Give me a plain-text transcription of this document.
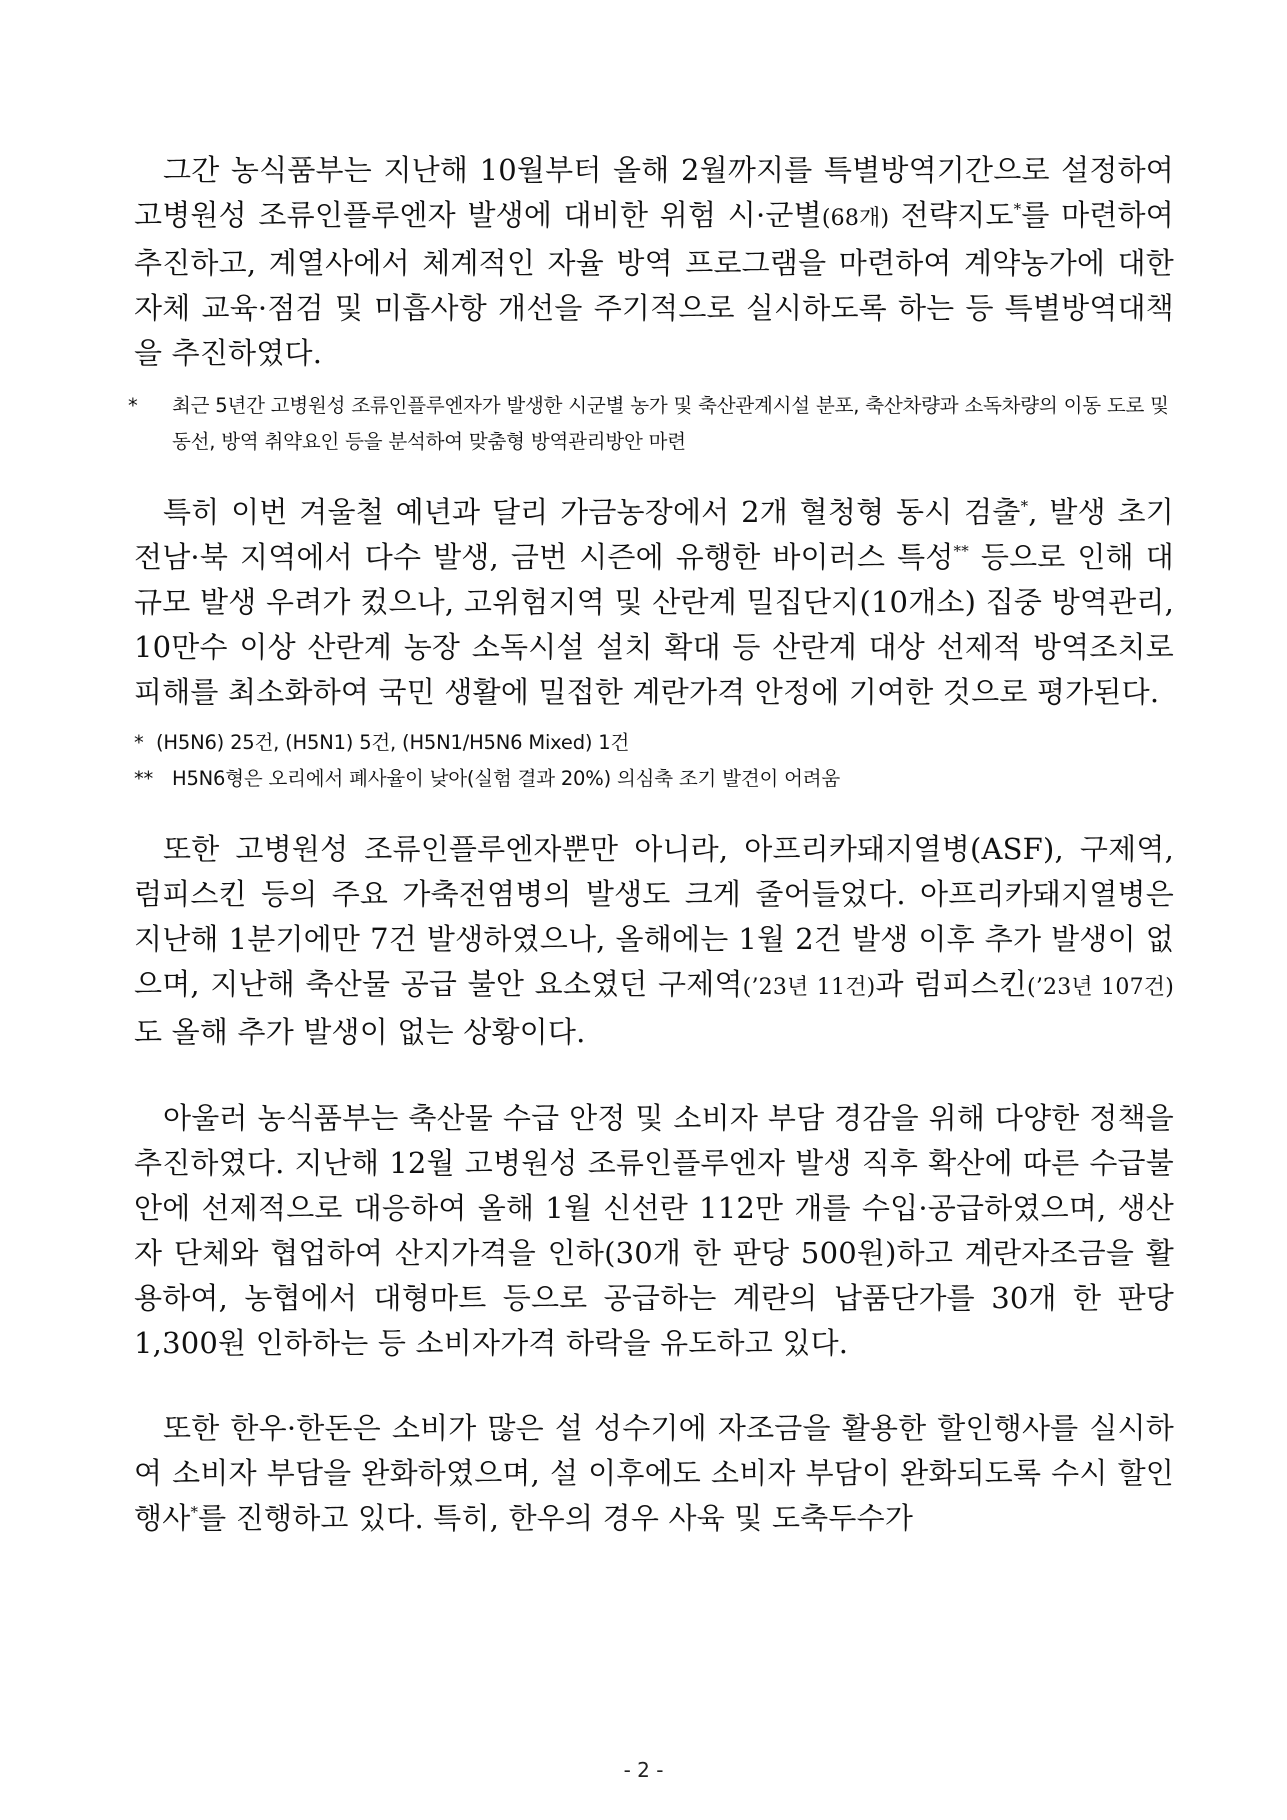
그간 농식품부는 지난해 10월부터 올해 2월까지를 특별방역기간으로 설정하여 고병원성 조류인플루엔자 발생에 대비한 위험 시·군별(68개) 전략지도*를 마련하여 추진하고, 계열사에서 체계적인 자율 방역 프로그램을 마련하여 계약농가에 대한 자체 교육·점검 및 미흡사항 개선을 주기적으로 실시하도록 하는 등 특별방역대책을 추진하였다.

* 최근 5년간 고병원성 조류인플루엔자가 발생한 시군별 농가 및 축산관계시설 분포, 축산차량과 소독차량의 이동 도로 및 동선, 방역 취약요인 등을 분석하여 맞춤형 방역관리방안 마련

특히 이번 겨울철 예년과 달리 가금농장에서 2개 혈청형 동시 검출*, 발생 초기 전남·북 지역에서 다수 발생, 금번 시즌에 유행한 바이러스 특성** 등으로 인해 대규모 발생 우려가 컸으나, 고위험지역 및 산란계 밀집단지(10개소) 집중 방역관리, 10만수 이상 산란계 농장 소독시설 설치 확대 등 산란계 대상 선제적 방역조치로 피해를 최소화하여 국민 생활에 밀접한 계란가격 안정에 기여한 것으로 평가된다.

* (H5N6) 25건, (H5N1) 5건, (H5N1/H5N6 Mixed) 1건

** H5N6형은 오리에서 폐사율이 낮아(실험 결과 20%) 의심축 조기 발견이 어려움

또한 고병원성 조류인플루엔자뿐만 아니라, 아프리카돼지열병(ASF), 구제역, 럼피스킨 등의 주요 가축전염병의 발생도 크게 줄어들었다. 아프리카돼지열병은 지난해 1분기에만 7건 발생하였으나, 올해에는 1월 2건 발생 이후 추가 발생이 없으며, 지난해 축산물 공급 불안 요소였던 구제역(’23년 11건)과 럼피스킨(’23년 107건)도 올해 추가 발생이 없는 상황이다.

아울러 농식품부는 축산물 수급 안정 및 소비자 부담 경감을 위해 다양한 정책을 추진하였다. 지난해 12월 고병원성 조류인플루엔자 발생 직후 확산에 따른 수급불안에 선제적으로 대응하여 올해 1월 신선란 112만 개를 수입·공급하였으며, 생산자 단체와 협업하여 산지가격을 인하(30개 한 판당 500원)하고 계란자조금을 활용하여, 농협에서 대형마트 등으로 공급하는 계란의 납품단가를 30개 한 판당 1,300원 인하하는 등 소비자가격 하락을 유도하고 있다.

또한 한우·한돈은 소비가 많은 설 성수기에 자조금을 활용한 할인행사를 실시하여 소비자 부담을 완화하였으며, 설 이후에도 소비자 부담이 완화되도록 수시 할인행사*를 진행하고 있다. 특히, 한우의 경우 사육 및 도축두수가

- 2 -
